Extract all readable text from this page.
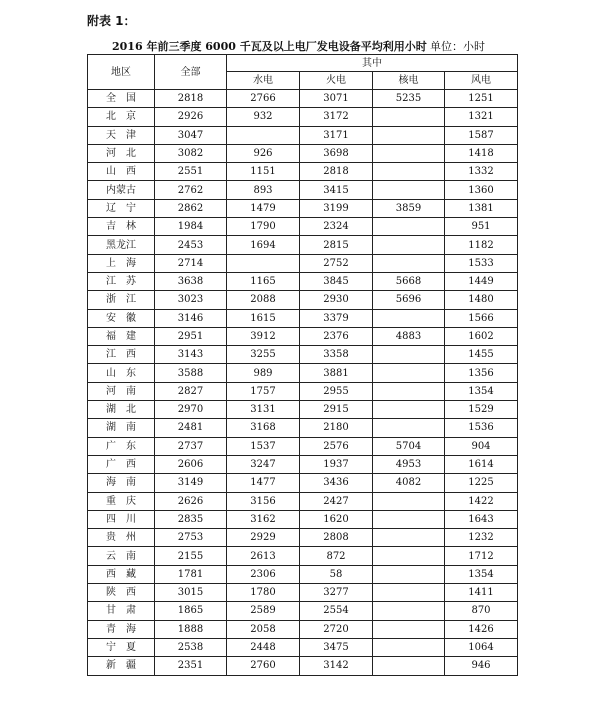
附表 1：
2016 年前三季度 6000 千瓦及以上电厂发电设备平均利用小时 单位：小时
地区	全部	其中			
		水电	火电	核电	风电
全　国	2818	2766	3071	5235	1251
北　京	2926	932	3172		1321
天　津	3047		3171		1587
河　北	3082	926	3698		1418
山　西	2551	1151	2818		1332
内蒙古	2762	893	3415		1360
辽　宁	2862	1479	3199	3859	1381
吉　林	1984	1790	2324		951
黑龙江	2453	1694	2815		1182
上　海	2714		2752		1533
江　苏	3638	1165	3845	5668	1449
浙　江	3023	2088	2930	5696	1480
安　徽	3146	1615	3379		1566
福　建	2951	3912	2376	4883	1602
江　西	3143	3255	3358		1455
山　东	3588	989	3881		1356
河　南	2827	1757	2955		1354
湖　北	2970	3131	2915		1529
湖　南	2481	3168	2180		1536
广　东	2737	1537	2576	5704	904
广　西	2606	3247	1937	4953	1614
海　南	3149	1477	3436	4082	1225
重　庆	2626	3156	2427		1422
四　川	2835	3162	1620		1643
贵　州	2753	2929	2808		1232
云　南	2155	2613	872		1712
西　藏	1781	2306	58		1354
陕　西	3015	1780	3277		1411
甘　肃	1865	2589	2554		870
青　海	1888	2058	2720		1426
宁　夏	2538	2448	3475		1064
新　疆	2351	2760	3142		946
